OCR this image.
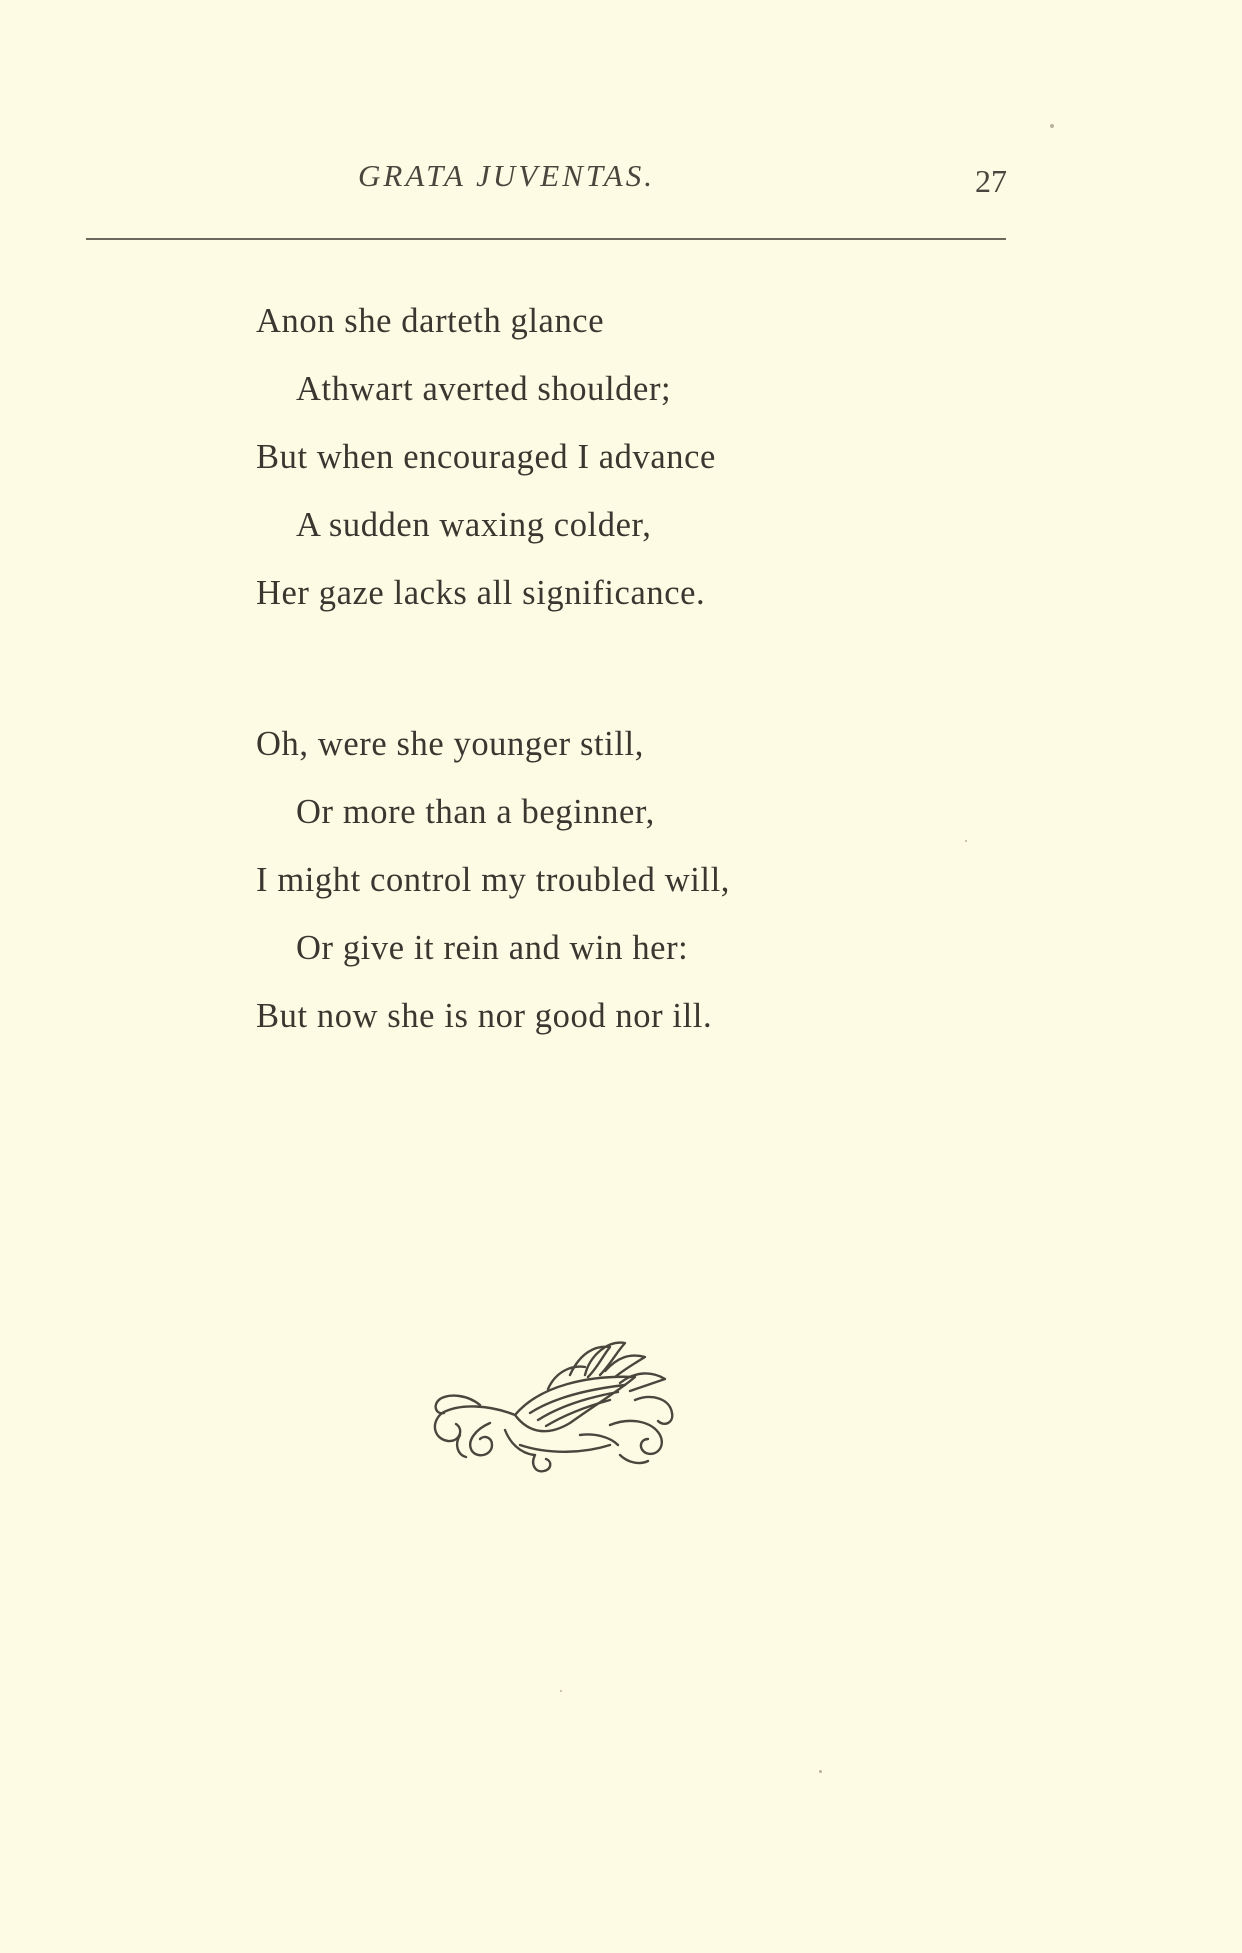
GRATA JUVENTAS.	27
Anon she darteth glance
Athwart averted shoulder;
But when encouraged I advance
A sudden waxing colder,
Her gaze lacks all significance.
Oh, were she younger still,
Or more than a beginner,
I might control my troubled will,
Or give it rein and win her:
But now she is nor good nor ill.
